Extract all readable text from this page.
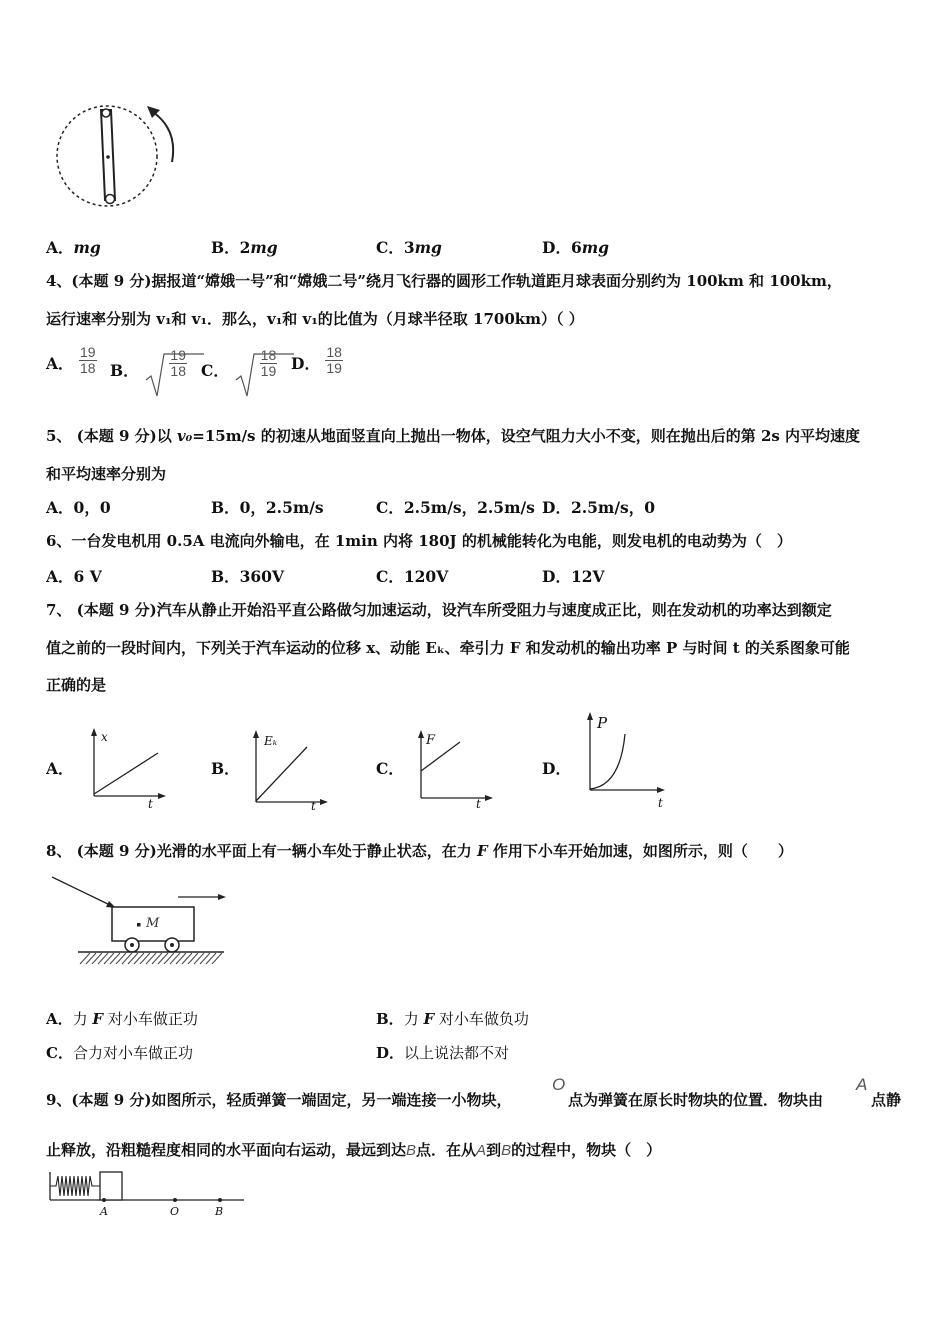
A．mg	B．2mg	C．3mg	D．6mg
4、(本题 9 分)据报道“嫦娥一号”和“嫦娥二号”绕月飞行器的圆形工作轨道距月球表面分别约为 100km 和 100km，
运行速率分别为 v₁和 v₁．那么，v₁和 v₁的比值为（月球半径取 1700km）（ ）
A． $\frac{19}{18}$ B． $\frac{19}{18}$ C． $\frac{18}{19}$ D． $\frac{18}{19}$
5、 (本题 9 分)以 v₀=15m/s 的初速从地面竖直向上抛出一物体，设空气阻力大小不变，则在抛出后的第 2s 内平均速度
和平均速率分别为
A．0，0	B．0，2.5m/s	C．2.5m/s，2.5m/s D．2.5m/s，0
6、一台发电机用 0.5A 电流向外输电，在 1min 内将 180J 的机械能转化为电能，则发电机的电动势为（　）
A．6 V	B．360V	C．120V	D．12V
7、 (本题 9 分)汽车从静止开始沿平直公路做匀加速运动，设汽车所受阻力与速度成正比，则在发动机的功率达到额定
值之前的一段时间内，下列关于汽车运动的位移 x、动能 Eₖ、牵引力 F 和发动机的输出功率 P 与时间 t 的关系图象可能
正确的是
A．	B．	C．	D．
x
t
Eₖ
t
F
t
P
t
8、 (本题 9 分)光滑的水平面上有一辆小车处于静止状态，在力 F 作用下小车开始加速，如图所示，则（　　）
M
A．力 F 对小车做正功	B．力 F 对小车做负功
C．合力对小车做正功	D．以上说法都不对
9、(本题 9 分)如图所示，轻质弹簧一端固定，另一端连接一小物块，
O
点为弹簧在原长时物块的位置．物块由
A
点静
止释放，沿粗糙程度相同的水平面向右运动，最远到达B点．在从A到B的过程中，物块（　）
A	O	B
